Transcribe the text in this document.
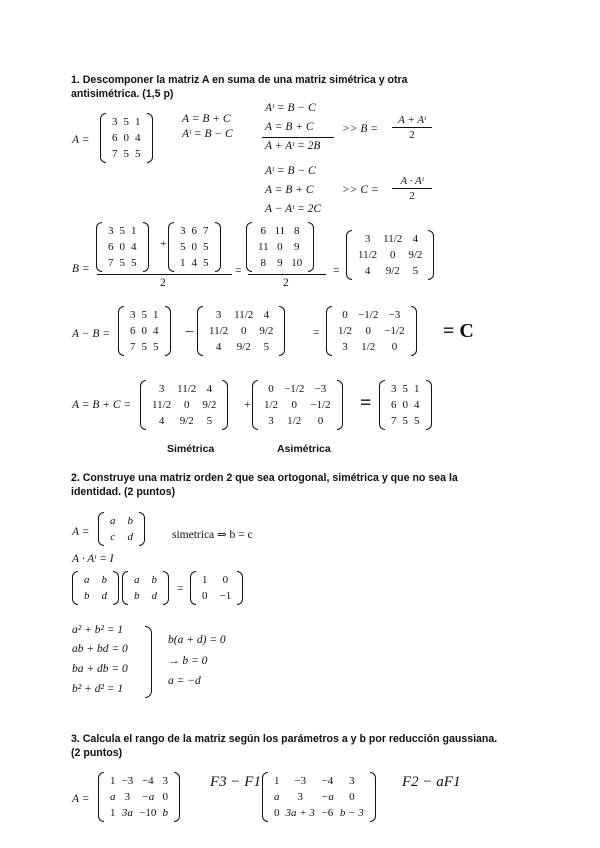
1. Descomponer la matriz A en suma de una matriz simétrica y otra
antisimétrica. (1,5 p)
A =
3 5 1
6 0 4
7 5 5
A = B + C
Aᵗ = B − C
Aᵗ = B − C
A = B + C
A + Aᵗ = 2B
>> B =
A + Aᵗ
2
Aᵗ = B − C
A = B + C
A − Aᵗ = 2C
>> C =
A · Aᵗ
2
B =
3 5 1
6 0 4
7 5 5
+
3 6 7
5 0 5
1 4 5
2
=
6 11 8
11 0	9
8	9 10
2
=
3	11/2 4
11/2	0	9/2
4	9/2	5
A − B =
3 5 1
6 0 4
7 5 5
−
3	11/2 4
11/2	0	9/2
4	9/2	5
=
0 −1/2 −3
1/2	0	−1/2
3	1/2	0
= C
A = B + C =
3	11/2 4
11/2	0	9/2
4	9/2	5
+
0 −1/2 −3
1/2	0	−1/2
3	1/2	0
=
3 5 1
6 0 4
7 5 5
Simétrica	Asimétrica
2. Construye una matriz orden 2 que sea ortogonal, simétrica y que no sea la
identidad. (2 puntos)
A =
a b
c	d	simetrica ⇒ b = c
A · Aᵗ = I
a b
b d
a b
b d
=
1	0
0 −1
a² + b² = 1
ab + bd = 0
ba + db = 0
b² + d² = 1
b(a + d) = 0
→ b = 0
a = −d
3. Calcula el rango de la matriz según los parámetros a y b por reducción gaussiana.
(2 puntos)
A =
1 −3 −4 3
a 3	−a 0
1 3a −10 b
F3 − F1 1	−3	−4	3
a	3	−a	0
0 3a + 3 −6 b − 3
F2 − aF1
